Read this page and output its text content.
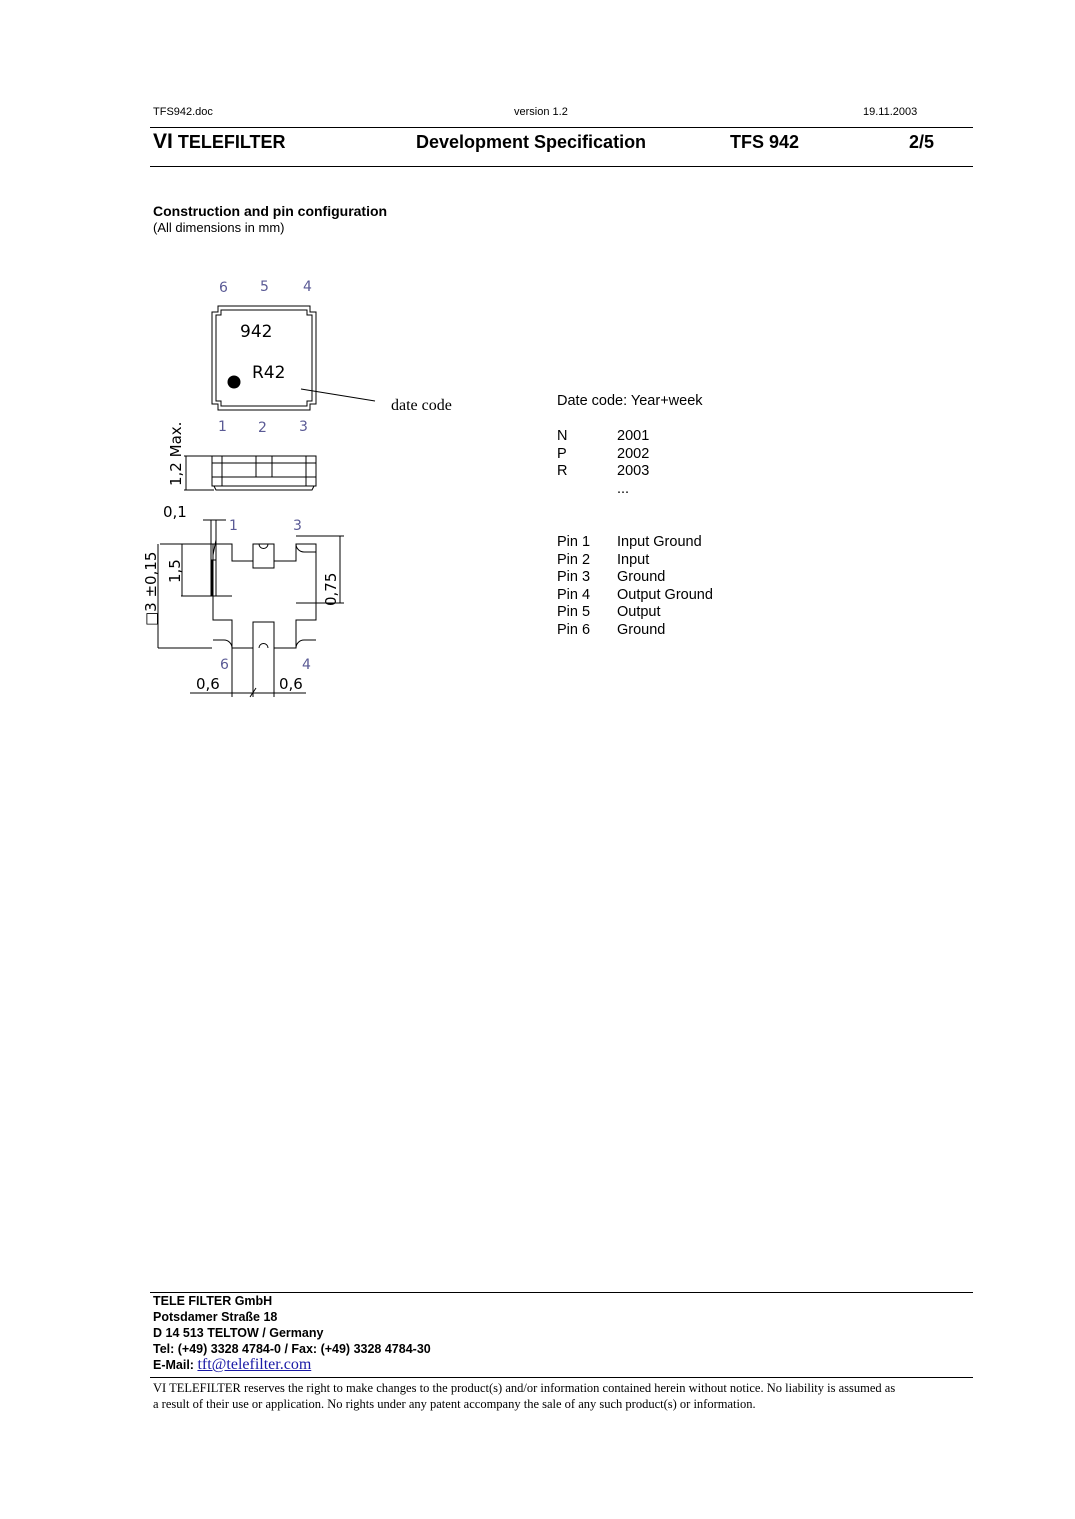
TFS942.doc	version 1.2	19.11.2003
VI TELEFILTER	Development Specification	TFS 942	2/5
Construction and pin configuration
(All dimensions in mm)
942
R42
date code
6 5 4
1 2 3
1,2 Max.
0,1
1	3
□3 ±0,15 1,5
0,75
6	4
0,6	0,6
Date code: Year+week
N	2001
P	2002
R	2003
...
Pin 1 Input Ground
Pin 2 Input
Pin 3 Ground
Pin 4 Output Ground
Pin 5 Output
Pin 6 Ground
TELE FILTER GmbH
Potsdamer Straße 18
D 14 513 TELTOW / Germany
Tel: (+49) 3328 4784-0 / Fax: (+49) 3328 4784-30
E-Mail: tft@telefilter.com
VI TELEFILTER reserves the right to make changes to the product(s) and/or information contained herein without notice. No liability is assumed as
a result of their use or application. No rights under any patent accompany the sale of any such product(s) or information.
